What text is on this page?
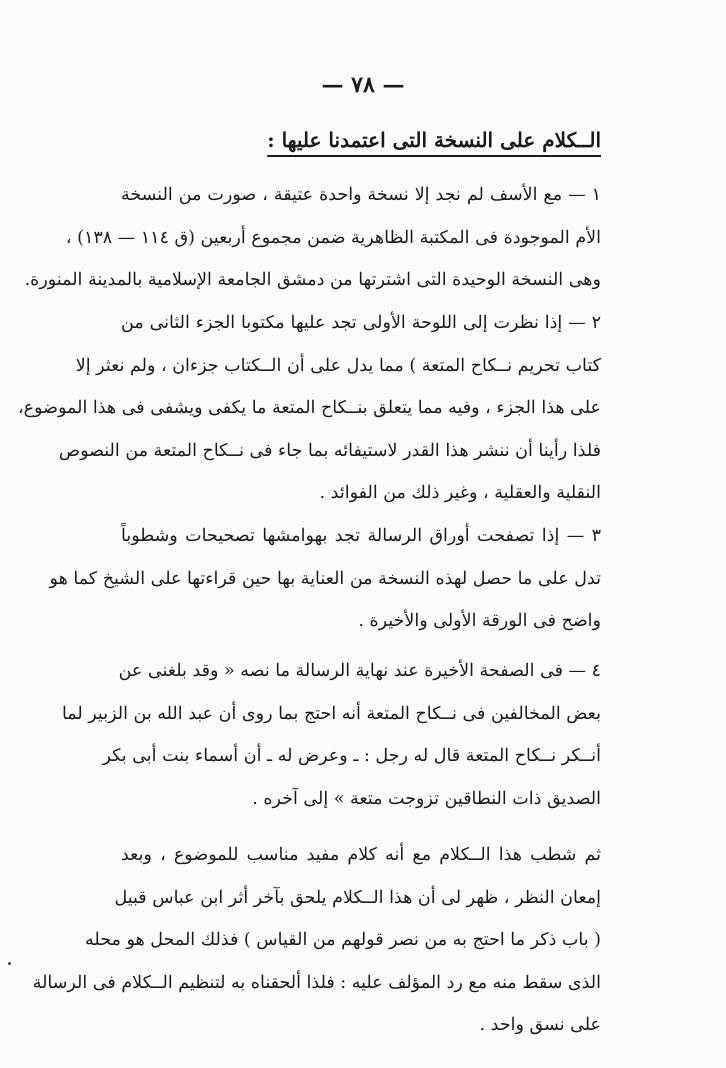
— ٧٨ —
الــكلام على النسخة التى اعتمدنا عليها :
١ — مع الأسف لم نجد إلا نسخة واحدة عتيقة ، صورت من النسخة
الأم الموجودة فى المكتبة الظاهرية ضمن مجموع أربعين (ق ١١٤ — ١٣٨) ،
وهى النسخة الوحيدة التى اشترتها من دمشق الجامعة الإسلامية بالمدينة المنورة.
٢ — إذا نظرت إلى اللوحة الأولى تجد عليها مكتوبا الجزء الثانى من
كتاب تحريم نــكاح المتعة ) مما يدل على أن الــكتاب جزءان ، ولم نعثر إلا
على هذا الجزء ، وفيه مما يتعلق بنــكاح المتعة ما يكفى ويشفى فى هذا الموضوع،
فلذا رأينا أن ننشر هذا القدر لاستيفائه بما جاء فى نــكاح المتعة من النصوص
النقلية والعقلية ، وغير ذلك من الفوائد .
٣ — إذا تصفحت أوراق الرسالة تجد بهوامشها تصحيحات وشطوباً
تدل على ما حصل لهذه النسخة من العناية بها حين قراءتها على الشيخ كما هو
واضح فى الورقة الأولى والأخيرة .
٤ — فى الصفحة الأخيرة عند نهاية الرسالة ما نصه « وقد بلغنى عن
بعض المخالفين فى نــكاح المتعة أنه احتج بما روى أن عبد الله بن الزبير لما
أنــكر نــكاح المتعة قال له رجل : ـ وعرض له ـ أن أسماء بنت أبى بكر
الصديق ذات النطاقين تزوجت متعة » إلى آخره .
ثم شطب هذا الــكلام مع أنه كلام مفيد مناسب للموضوع ، وبعد
إمعان النظر ، ظهر لى أن هذا الــكلام يلحق بآخر أثر ابن عباس قبيل
( باب ذكر ما احتج به من نصر قولهم من القياس ) فذلك المحل هو محله
الذى سقط منه مع رد المؤلف عليه : فلذا ألحقناه به لتنظيم الــكلام فى الرسالة
على نسق واحد .
